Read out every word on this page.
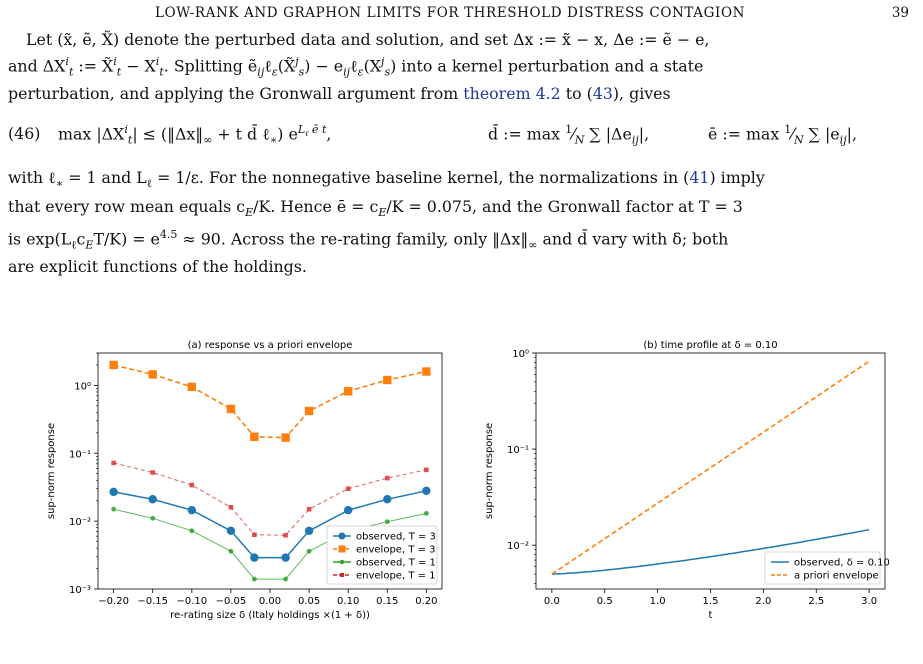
LOW-RANK AND GRAPHON LIMITS FOR THRESHOLD DISTRESS CONTAGION	39

Let (x̃, ẽ, X̃) denote the perturbed data and solution, and set Δx := x̃ − x, Δe := ẽ − e,
and $\Delta X^i_t$ := X̃$^i_t$ − $X^i_t$. Splitting ẽ$_{ij}$ℓ$_\varepsilon$(X̃$^j_s$) − $e_{ij}\ell_\varepsilon(X^j_s)$ into a kernel perturbation and a state
perturbation, and applying the Gronwall argument from theorem 4.2 to (43), gives

(46) $\max |\Delta X^i_t|$ ≤ ($‖\Delta x‖_\infty + t$ d̄ ℓ$_∗$) $e^{L_\ell ē t}$,	d̄ := $\max ^1⁄_N$ ∑ $|\Delta e_{ij}|$,	ē := $\max ^1⁄_N$ ∑ $|e_{ij}|$,

with ℓ$_∗$ = 1 and $L_\ell = 1/\varepsilon$. For the nonnegative baseline kernel, the normalizations in (41) imply
that every row mean equals $c_E/K$. Hence ē = $c_E/K = 0.075$, and the Gronwall factor at T = 3
is $\exp(L_\ell c_ET/K) = e^{4.5} \approx 90$. Across the re-rating family, only $‖\Delta x‖_\infty$ and d̄ vary with δ; both
are explicit functions of the holdings.

(a) response vs a priori envelope
10⁻³
10⁻²
10⁻¹
10⁰
−0.20 −0.15 −0.10 −0.05 0.00 0.05 0.10 0.15 0.20
re-rating size δ (Italy holdings ×(1 + δ))
sup-norm response
observed, T = 3
envelope, T = 3
observed, T = 1
envelope, T = 1
(b) time profile at δ = 0.10
10⁻²
10⁻¹
10⁰
0.0	0.5	1.0	1.5	2.0	2.5	3.0
t
sup-norm response
observed, δ = 0.10
a priori envelope
